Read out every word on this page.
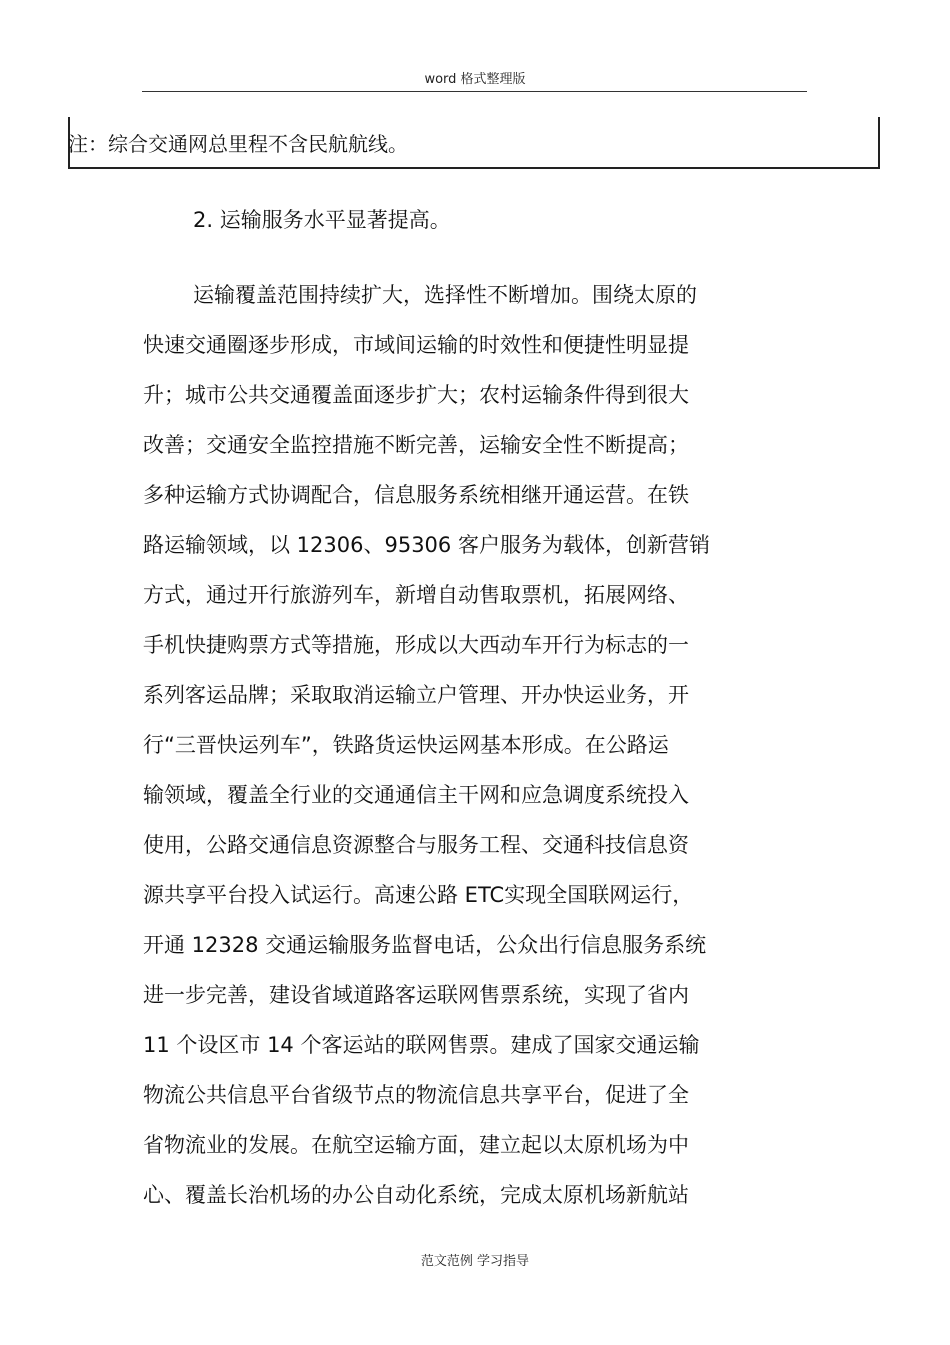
word 格式整理版
注：综合交通网总里程不含民航航线。
2. 运输服务水平显著提高。
运输覆盖范围持续扩大，选择性不断增加。围绕太原的
快速交通圈逐步形成，市域间运输的时效性和便捷性明显提
升；城市公共交通覆盖面逐步扩大；农村运输条件得到很大
改善；交通安全监控措施不断完善，运输安全性不断提高；
多种运输方式协调配合，信息服务系统相继开通运营。在铁
路运输领域，以 12306、95306 客户服务为载体，创新营销
方式，通过开行旅游列车，新增自动售取票机，拓展网络、
手机快捷购票方式等措施，形成以大西动车开行为标志的一
系列客运品牌；采取取消运输立户管理、开办快运业务，开
行“三晋快运列车”，铁路货运快运网基本形成。在公路运
输领域，覆盖全行业的交通通信主干网和应急调度系统投入
使用，公路交通信息资源整合与服务工程、交通科技信息资
源共享平台投入试运行。高速公路 ETC实现全国联网运行，
开通 12328 交通运输服务监督电话，公众出行信息服务系统
进一步完善，建设省域道路客运联网售票系统，实现了省内
11 个设区市 14 个客运站的联网售票。建成了国家交通运输
物流公共信息平台省级节点的物流信息共享平台，促进了全
省物流业的发展。在航空运输方面，建立起以太原机场为中
心、覆盖长治机场的办公自动化系统，完成太原机场新航站
范文范例 学习指导
